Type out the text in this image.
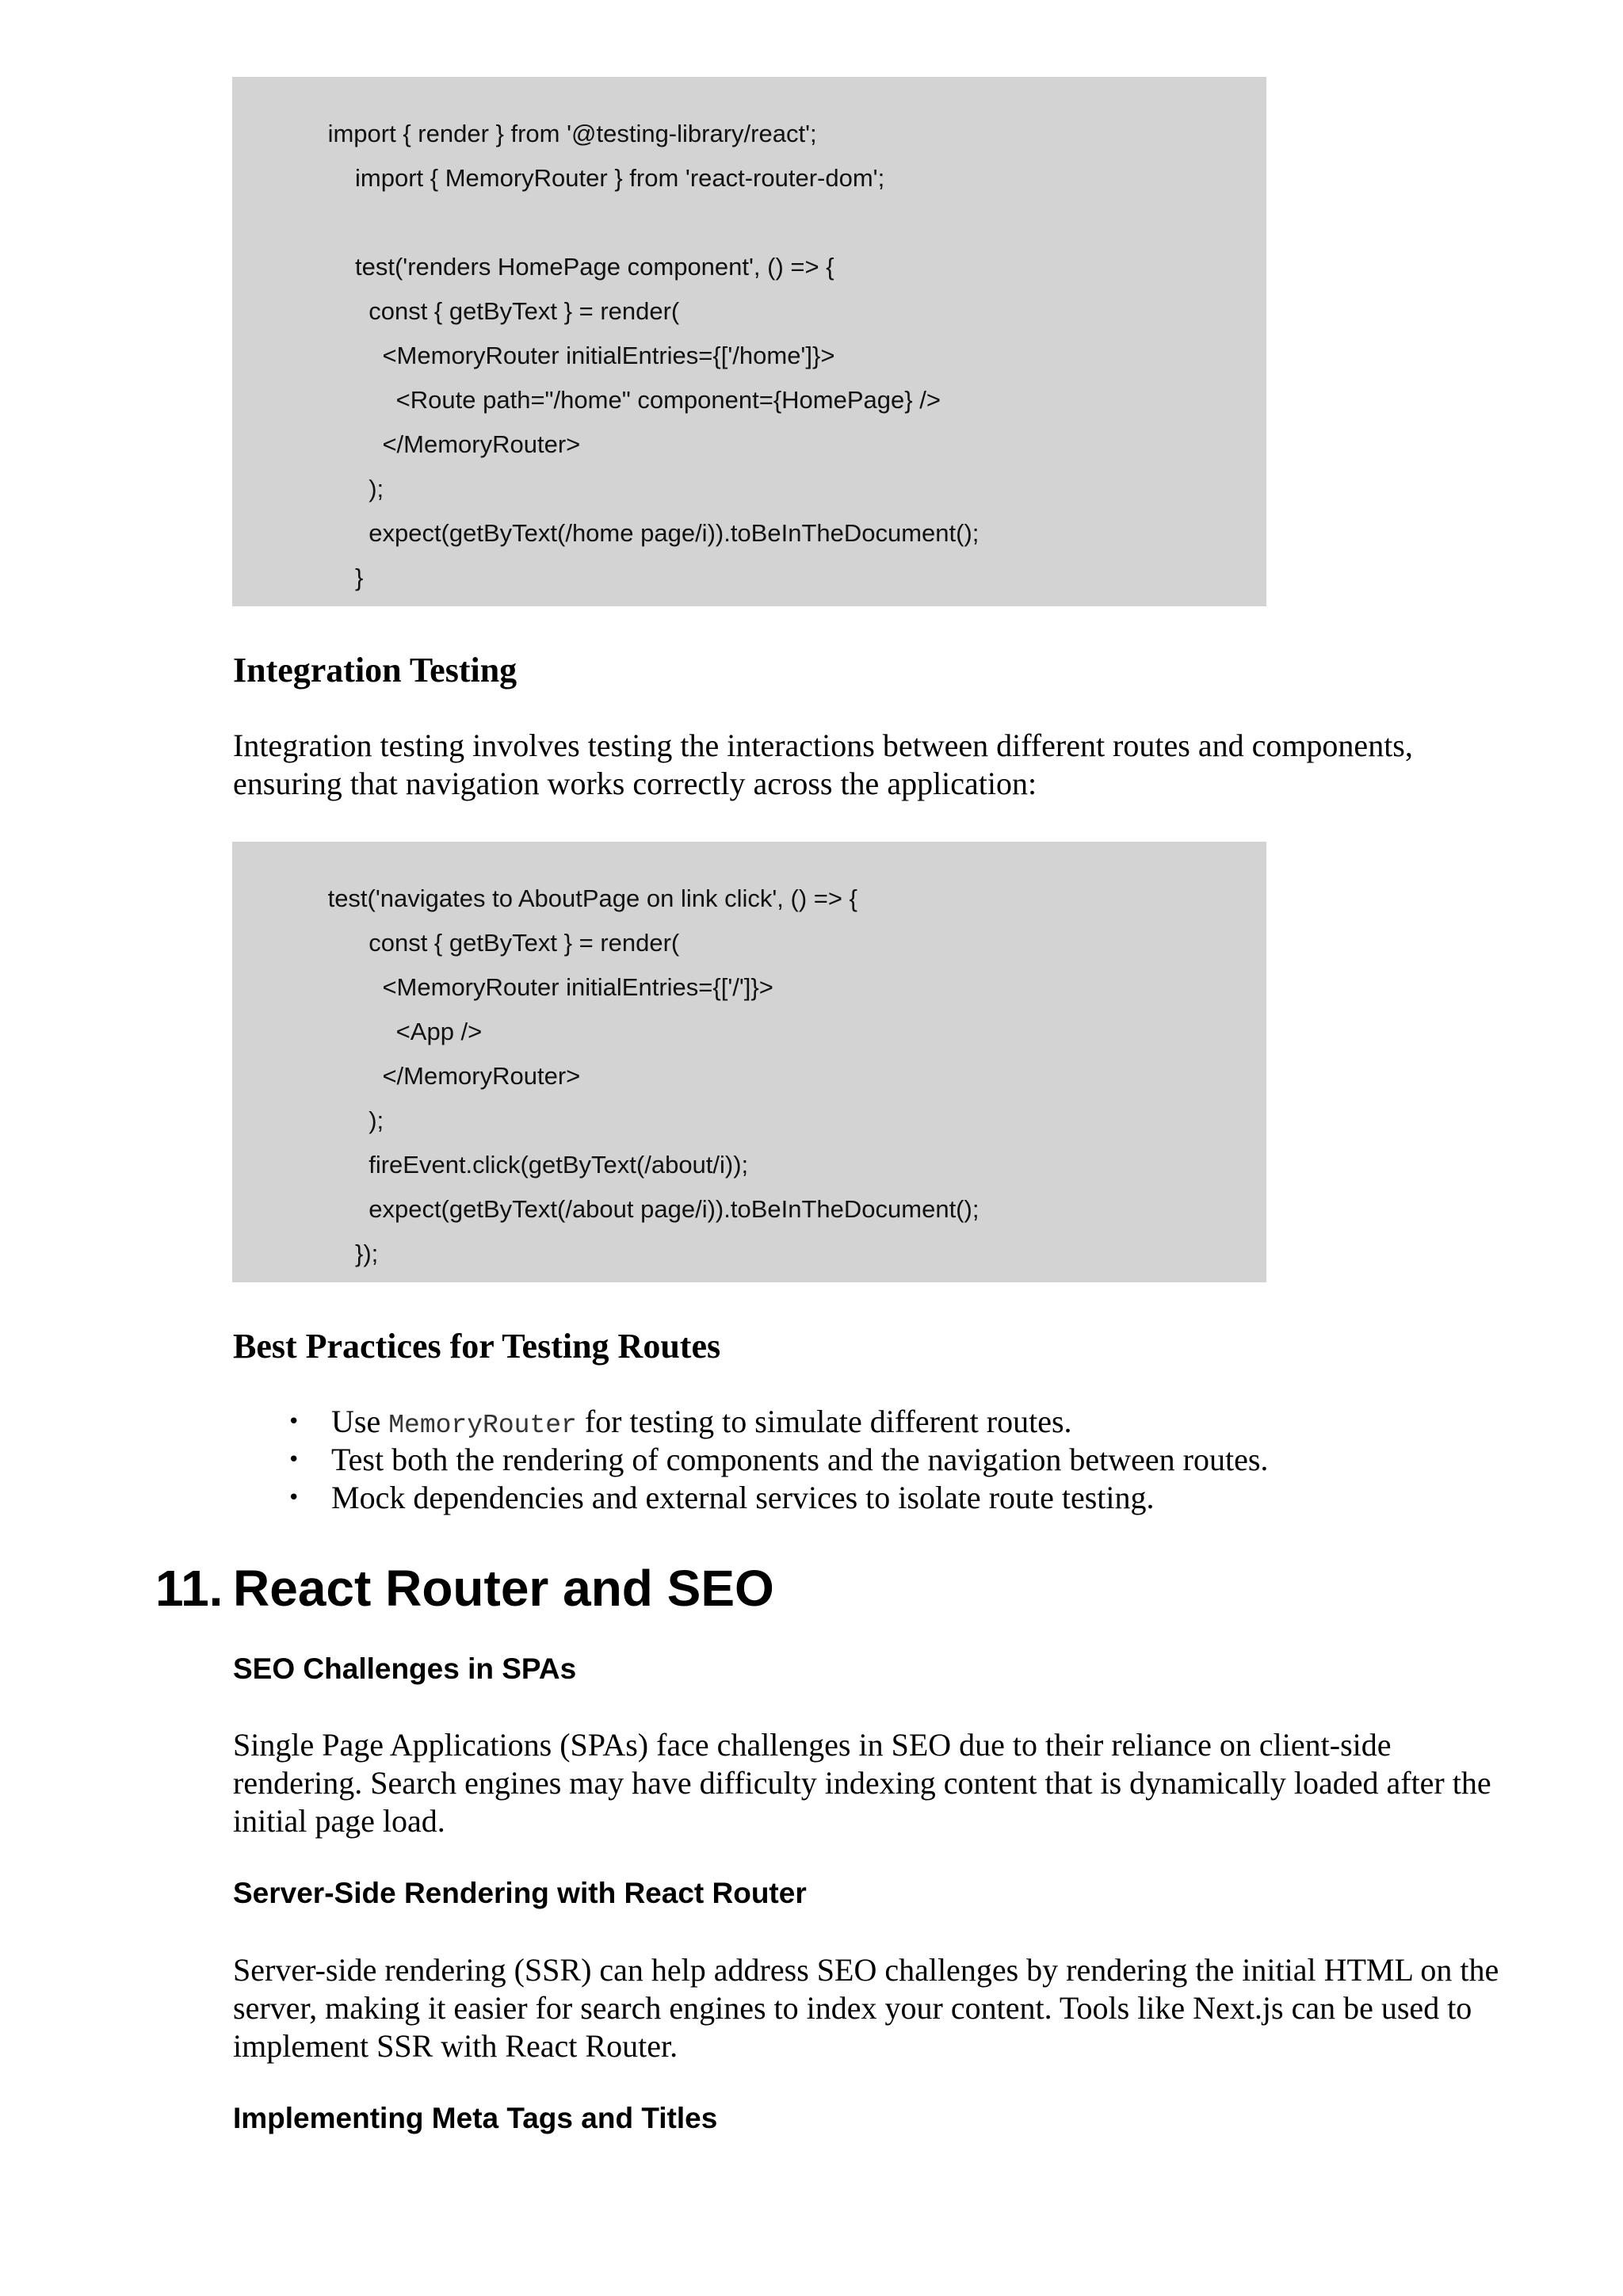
import { render } from '@testing-library/react';
import { MemoryRouter } from 'react-router-dom';
test('renders HomePage component', () => {
const { getByText } = render(
<MemoryRouter initialEntries={['/home']}>
<Route path="/home" component={HomePage} />
</MemoryRouter>
);
expect(getByText(/home page/i)).toBeInTheDocument();
}
Integration Testing

Integration testing involves testing the interactions between different routes and components, ensuring that navigation works correctly across the application:

test('navigates to AboutPage on link click', () => {
const { getByText } = render(
<MemoryRouter initialEntries={['/']}>
<App />
</MemoryRouter>
);
fireEvent.click(getByText(/about/i));
expect(getByText(/about page/i)).toBeInTheDocument();
});
Best Practices for Testing Routes
• Use MemoryRouter for testing to simulate different routes.
• Test both the rendering of components and the navigation between routes.
• Mock dependencies and external services to isolate route testing.
11. React Router and SEO
SEO Challenges in SPAs

Single Page Applications (SPAs) face challenges in SEO due to their reliance on client-side rendering. Search engines may have difficulty indexing content that is dynamically loaded after the initial page load.

Server-Side Rendering with React Router

Server-side rendering (SSR) can help address SEO challenges by rendering the initial HTML on the server, making it easier for search engines to index your content. Tools like Next.js can be used to implement SSR with React Router.

Implementing Meta Tags and Titles
